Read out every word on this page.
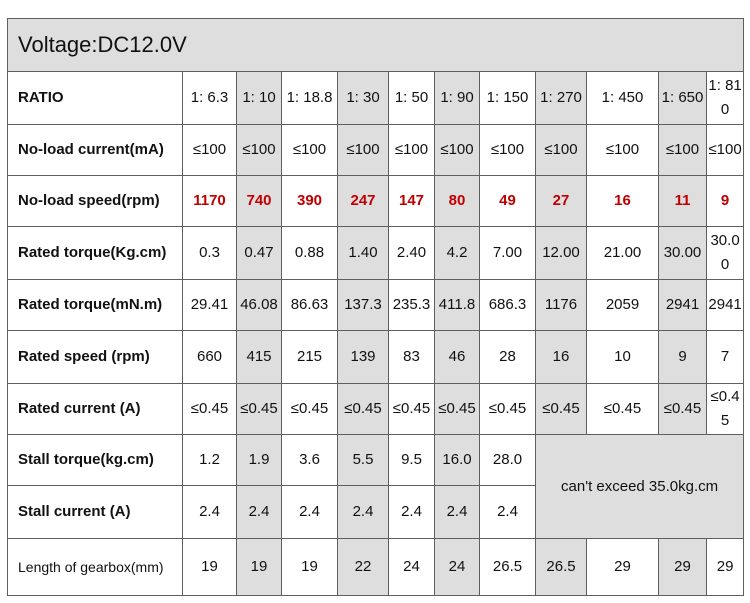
Voltage:DC12.0V											
RATIO	1: 6.3	1: 10	1: 18.8	1: 30	1: 50	1: 90	1: 150	1: 270	1: 450	1: 650	1: 810
No-load current(mA)	≤100	≤100	≤100	≤100	≤100	≤100	≤100	≤100	≤100	≤100	≤100
No-load speed(rpm)	1170	740	390	247	147	80	49	27	16	11	9
Rated torque(Kg.cm)	0.3	0.47	0.88	1.40	2.40	4.2	7.00	12.00	21.00	30.00	30.00
Rated torque(mN.m)	29.41	46.08	86.63	137.3	235.3	411.8	686.3	1176	2059	2941	2941
Rated speed (rpm)	660	415	215	139	83	46	28	16	10	9	7
Rated current (A)	≤0.45	≤0.45	≤0.45	≤0.45	≤0.45	≤0.45	≤0.45	≤0.45	≤0.45	≤0.45	≤0.45
Stall torque(kg.cm)	1.2	1.9	3.6	5.5	9.5	16.0	28.0	can't exceed 35.0kg.cm			
Stall current (A)	2.4	2.4	2.4	2.4	2.4	2.4	2.4				
Length of gearbox(mm)	19	19	19	22	24	24	26.5	26.5	29	29	29
